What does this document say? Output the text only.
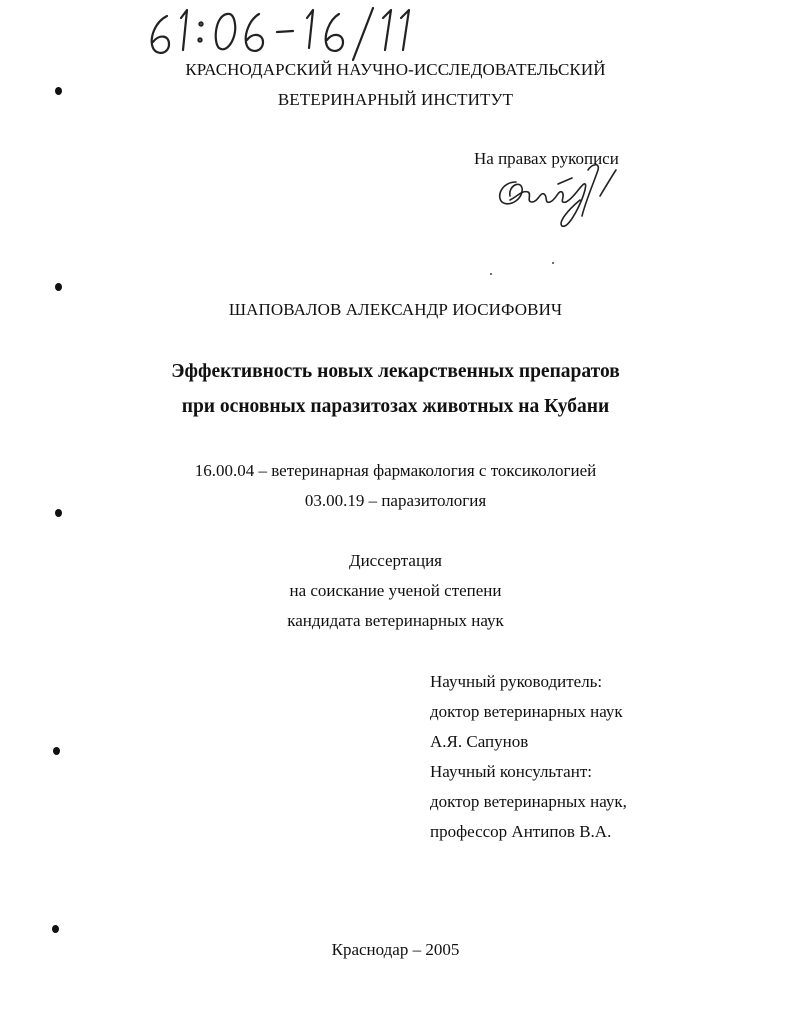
КРАСНОДАРСКИЙ НАУЧНО-ИССЛЕДОВАТЕЛЬСКИЙ
ВЕТЕРИНАРНЫЙ ИНСТИТУТ
На правах рукописи
ШАПОВАЛОВ АЛЕКСАНДР ИОСИФОВИЧ
Эффективность новых лекарственных препаратов
при основных паразитозах животных на Кубани
16.00.04 – ветеринарная фармакология с токсикологией
03.00.19 – паразитология
Диссертация
на соискание ученой степени
кандидата ветеринарных наук
Научный руководитель:
доктор ветеринарных наук
А.Я. Сапунов
Научный консультант:
доктор ветеринарных наук,
профессор Антипов В.А.
Краснодар – 2005
